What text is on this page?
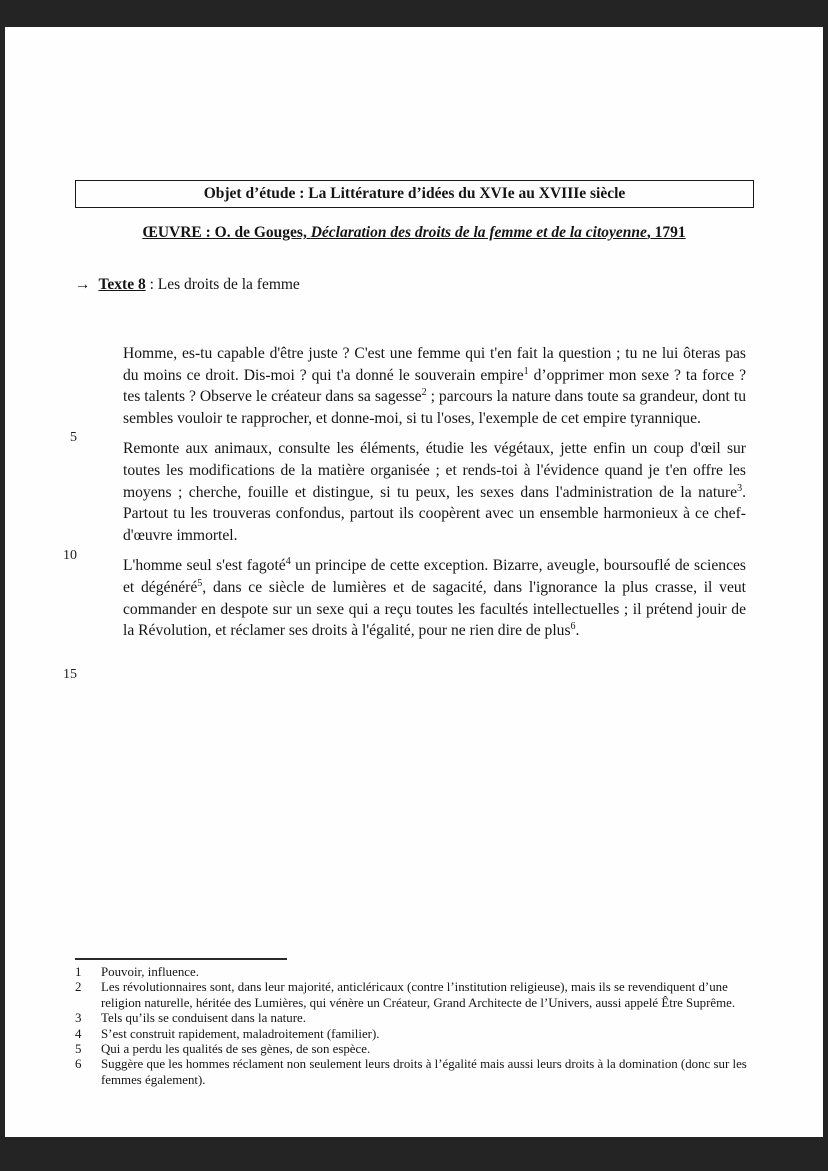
Objet d’étude : La Littérature d’idées du XVIe au XVIIIe siècle
ŒUVRE : O. de Gouges, Déclaration des droits de la femme et de la citoyenne, 1791
→ Texte 8 : Les droits de la femme
5
10
15

Homme, es-tu capable d'être juste ? C'est une femme qui t'en fait la question ; tu ne lui ôteras pas du moins ce droit. Dis-moi ? qui t'a donné le souverain empire$^1$ d’opprimer mon sexe ? ta force ? tes talents ? Observe le créateur dans sa sagesse$^2$ ; parcours la nature dans toute sa grandeur, dont tu sembles vouloir te rapprocher, et donne-moi, si tu l'oses, l'exemple de cet empire tyrannique.

Remonte aux animaux, consulte les éléments, étudie les végétaux, jette enfin un coup d'œil sur toutes les modifications de la matière organisée ; et rends-toi à l'évidence quand je t'en offre les moyens ; cherche, fouille et distingue, si tu peux, les sexes dans l'administration de la nature$^3$. Partout tu les trouveras confondus, partout ils coopèrent avec un ensemble harmonieux à ce chef-d'œuvre immortel.

L'homme seul s'est fagoté$^4$ un principe de cette exception. Bizarre, aveugle, boursouflé de sciences et dégénéré$^5$, dans ce siècle de lumières et de sagacité, dans l'ignorance la plus crasse, il veut commander en despote sur un sexe qui a reçu toutes les facultés intellectuelles ; il prétend jouir de la Révolution, et réclamer ses droits à l'égalité, pour ne rien dire de plus$^6$.

1	Pouvoir, influence.
2	Les révolutionnaires sont, dans leur majorité, anticléricaux (contre l’institution religieuse), mais ils se revendiquent d’une religion naturelle, héritée des Lumières, qui vénère un Créateur, Grand Architecte de l’Univers, aussi appelé Être Suprême.
3	Tels qu’ils se conduisent dans la nature.
4	S’est construit rapidement, maladroitement (familier).
5	Qui a perdu les qualités de ses gènes, de son espèce.
6	Suggère que les hommes réclament non seulement leurs droits à l’égalité mais aussi leurs droits à la domination (donc sur les femmes également).
